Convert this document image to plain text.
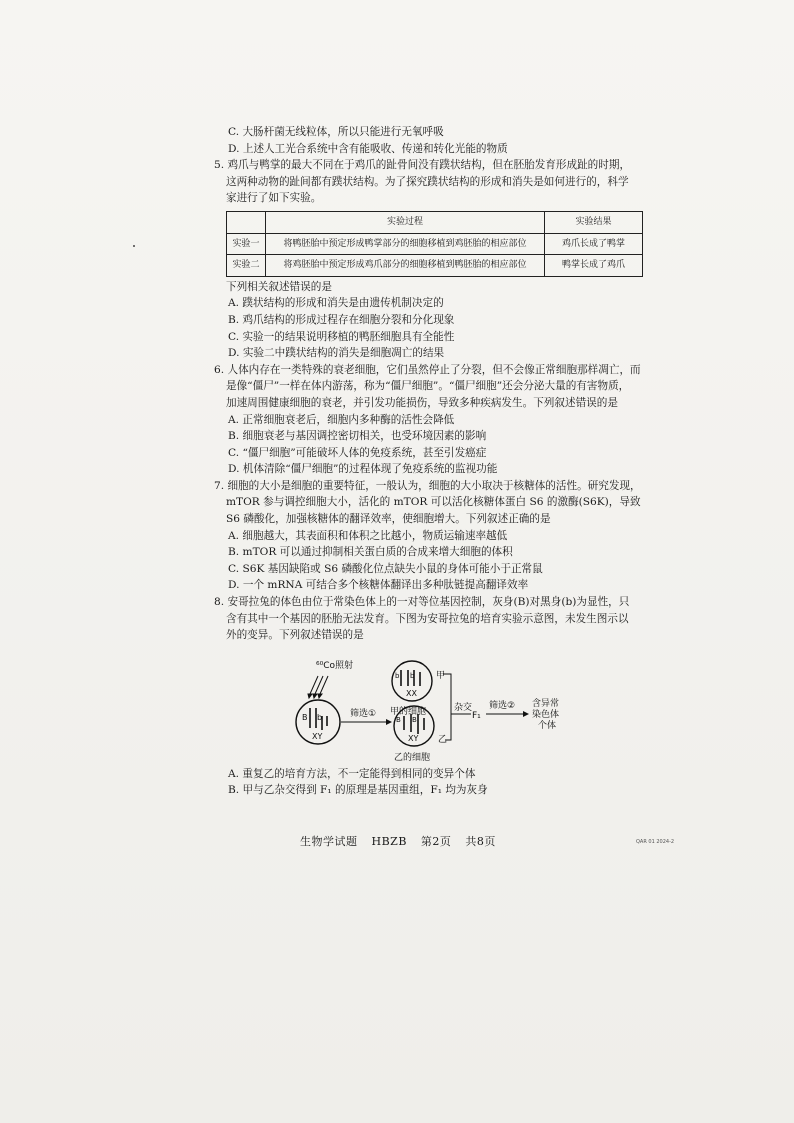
C. 大肠杆菌无线粒体，所以只能进行无氧呼吸
D. 上述人工光合系统中含有能吸收、传递和转化光能的物质
5. 鸡爪与鸭掌的最大不同在于鸡爪的趾骨间没有蹼状结构，但在胚胎发育形成趾的时期，
这两种动物的趾间都有蹼状结构。为了探究蹼状结构的形成和消失是如何进行的，科学
家进行了如下实验。
	实验过程	实验结果
实验一	将鸭胚胎中预定形成鸭掌部分的细胞移植到鸡胚胎的相应部位	鸡爪长成了鸭掌
实验二	将鸡胚胎中预定形成鸡爪部分的细胞移植到鸭胚胎的相应部位	鸭掌长成了鸡爪
下列相关叙述错误的是
A. 蹼状结构的形成和消失是由遗传机制决定的
B. 鸡爪结构的形成过程存在细胞分裂和分化现象
C. 实验一的结果说明移植的鸭胚细胞具有全能性
D. 实验二中蹼状结构的消失是细胞凋亡的结果
6. 人体内存在一类特殊的衰老细胞，它们虽然停止了分裂，但不会像正常细胞那样凋亡，而
是像“僵尸”一样在体内游荡，称为“僵尸细胞”。“僵尸细胞”还会分泌大量的有害物质，
加速周围健康细胞的衰老，并引发功能损伤，导致多种疾病发生。下列叙述错误的是
A. 正常细胞衰老后，细胞内多种酶的活性会降低
B. 细胞衰老与基因调控密切相关，也受环境因素的影响
C. “僵尸细胞”可能破坏人体的免疫系统，甚至引发癌症
D. 机体清除“僵尸细胞”的过程体现了免疫系统的监视功能
7. 细胞的大小是细胞的重要特征，一般认为，细胞的大小取决于核糖体的活性。研究发现，
mTOR 参与调控细胞大小，活化的 mTOR 可以活化核糖体蛋白 S6 的激酶(S6K)，导致
S6 磷酸化，加强核糖体的翻译效率，使细胞增大。下列叙述正确的是
A. 细胞越大，其表面积和体积之比越小，物质运输速率越低
B. mTOR 可以通过抑制相关蛋白质的合成来增大细胞的体积
C. S6K 基因缺陷或 S6 磷酸化位点缺失小鼠的身体可能小于正常鼠
D. 一个 mRNA 可结合多个核糖体翻译出多种肽链提高翻译效率
8. 安哥拉兔的体色由位于常染色体上的一对等位基因控制，灰身(B)对黑身(b)为显性，只
含有其中一个基因的胚胎无法发育。下图为安哥拉兔的培育实验示意图，未发生图示以
外的变异。下列叙述错误的是
A. 重复乙的培育方法，不一定能得到相同的变异个体
B. 甲与乙杂交得到 F₁ 的原理是基因重组，F₁ 均为灰身
⁶⁰Co照射
B b
XY
筛选①
b b
XX
甲
甲的细胞
B B
XY 乙
乙的细胞
杂交
F₁
筛选② 含异常
染色体
个体
生物学试题 HBZB 第2页 共8页	QAR 01 2024-2
